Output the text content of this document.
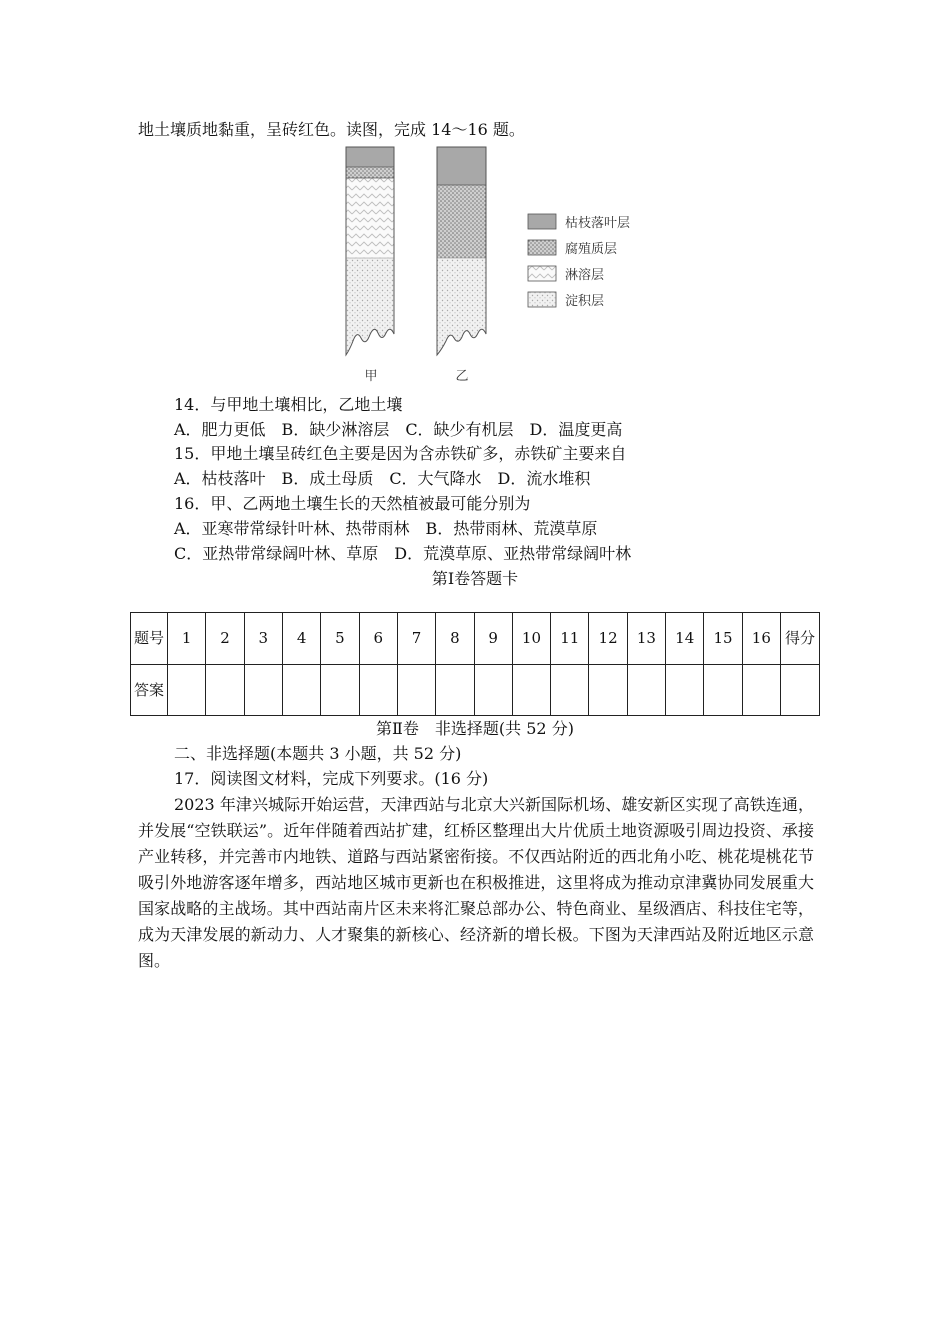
地土壤质地黏重，呈砖红色。读图，完成 14～16 题。
甲	乙
枯枝落叶层
腐殖质层
淋溶层
淀积层
14．与甲地土壤相比，乙地土壤
A．肥力更低　B．缺少淋溶层　C．缺少有机层　D．温度更高
15．甲地土壤呈砖红色主要是因为含赤铁矿多，赤铁矿主要来自
A．枯枝落叶　B．成土母质　C．大气降水　D．流水堆积
16．甲、乙两地土壤生长的天然植被最可能分别为
A．亚寒带常绿针叶林、热带雨林　B．热带雨林、荒漠草原
C．亚热带常绿阔叶林、草原　D．荒漠草原、亚热带常绿阔叶林
第Ⅰ卷答题卡
题号	1	2	3	4	5	6	7	8	9	10	11	12	13	14	15	16	得分
答案																	
第Ⅱ卷　非选择题(共 52 分)
二、非选择题(本题共 3 小题，共 52 分)
17．阅读图文材料，完成下列要求。(16 分)
2023 年津兴城际开始运营，天津西站与北京大兴新国际机场、雄安新区实现了高铁连通，并发展“空铁联运”。近年伴随着西站扩建，红桥区整理出大片优质土地资源吸引周边投资、承接产业转移，并完善市内地铁、道路与西站紧密衔接。不仅西站附近的西北角小吃、桃花堤桃花节吸引外地游客逐年增多，西站地区城市更新也在积极推进，这里将成为推动京津冀协同发展重大国家战略的主战场。其中西站南片区未来将汇聚总部办公、特色商业、星级酒店、科技住宅等，成为天津发展的新动力、人才聚集的新核心、经济新的增长极。下图为天津西站及附近地区示意图。
